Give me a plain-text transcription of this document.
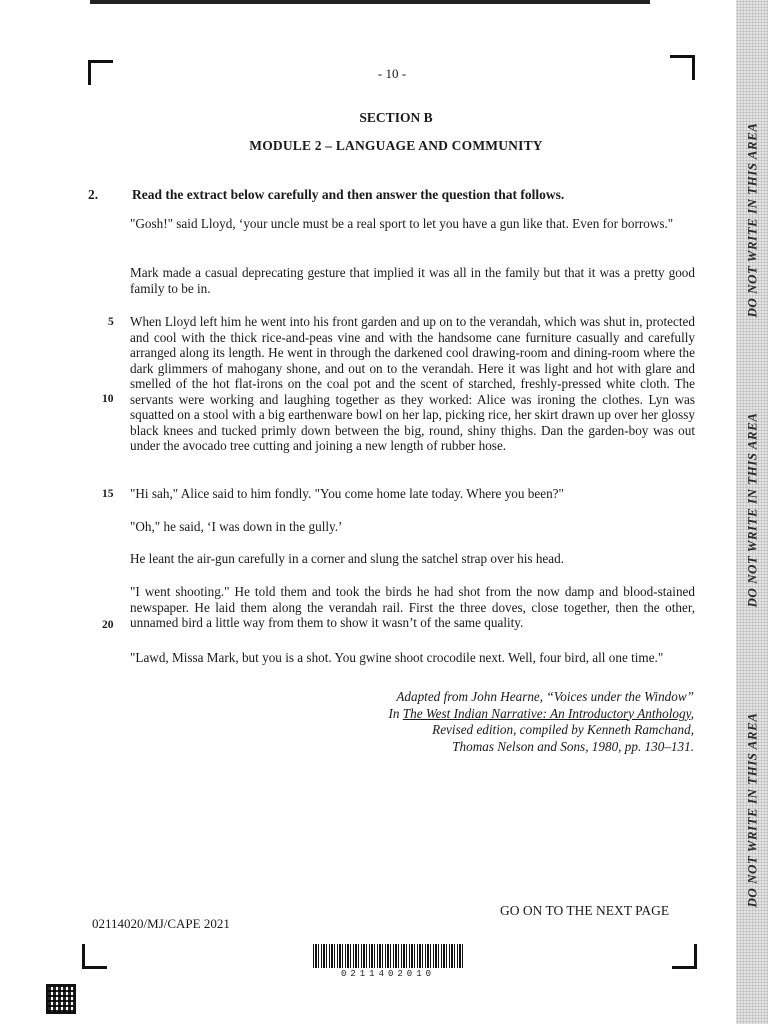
DO NOT WRITE IN THIS AREA
DO NOT WRITE IN THIS AREA
DO NOT WRITE IN THIS AREA
- 10 -
SECTION B
MODULE 2 – LANGUAGE AND COMMUNITY
2.	Read the extract below carefully and then answer the question that follows.

"Gosh!" said Lloyd, ‘your uncle must be a real sport to let you have a gun like that. Even for borrows."

Mark made a casual deprecating gesture that implied it was all in the family but that it was a pretty good family to be in.

When Lloyd left him he went into his front garden and up on to the verandah, which was shut in, protected and cool with the thick rice-and-peas vine and with the handsome cane furniture casually and carefully arranged along its length. He went in through the darkened cool drawing-room and dining-room where the dark glimmers of mahogany shone, and out on to the verandah. Here it was light and hot with glare and smelled of the hot flat-irons on the coal pot and the scent of starched, freshly-pressed white cloth. The servants were working and laughing together as they worked: Alice was ironing the clothes. Lyn was squatted on a stool with a big earthenware bowl on her lap, picking rice, her skirt drawn up over her glossy black knees and tucked primly down between the big, round, shiny thighs. Dan the garden-boy was out under the avocado tree cutting and joining a new length of rubber hose.

"Hi sah," Alice said to him fondly. "You come home late today. Where you been?"

"Oh," he said, ‘I was down in the gully.’

He leant the air-gun carefully in a corner and slung the satchel strap over his head.

"I went shooting." He told them and took the birds he had shot from the now damp and blood-stained newspaper. He laid them along the verandah rail. First the three doves, close together, then the other, unnamed bird a little way from them to show it wasn’t of the same quality.

"Lawd, Missa Mark, but you is a shot. You gwine shoot crocodile next. Well, four bird, all one time."

5
10
15
20
Adapted from John Hearne, “Voices under the Window”
In The West Indian Narrative: An Introductory Anthology,
Revised edition, compiled by Kenneth Ramchand,
Thomas Nelson and Sons, 1980, pp. 130–131.
GO ON TO THE NEXT PAGE
02114020/MJ/CAPE 2021
0211402010
